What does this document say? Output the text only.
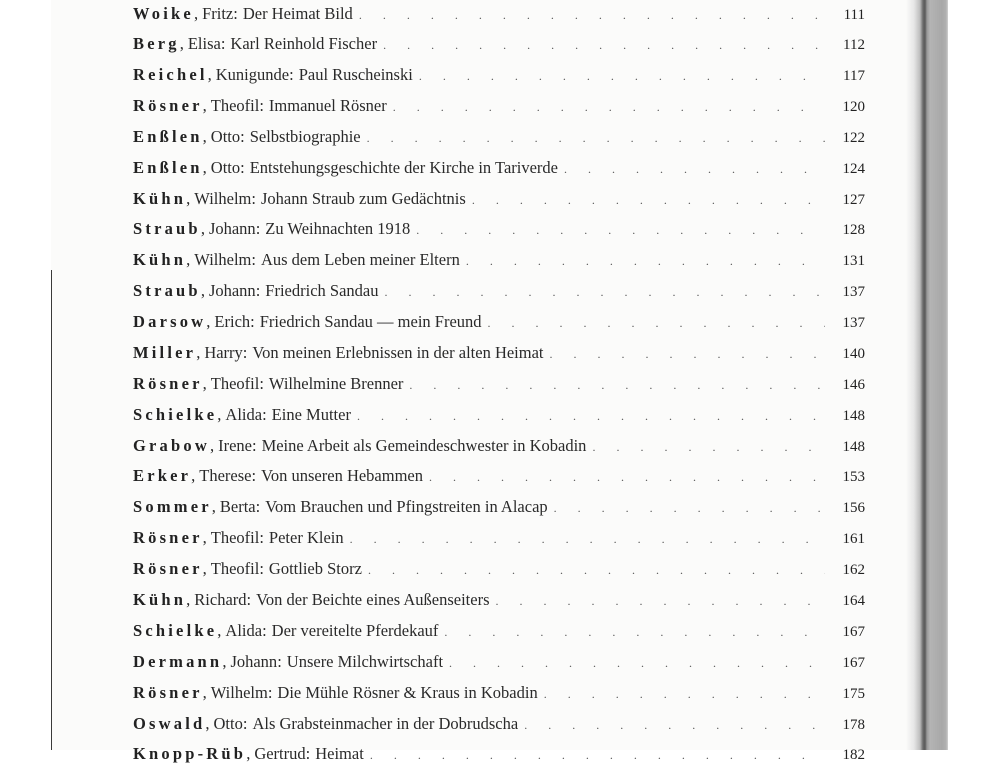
Woike , Fritz : Der Heimat Bild . . .	111
Berg , Elisa : Karl Reinhold Fischer . . .	112
Reichel , Kunigunde : Paul Ruscheinski . . .	117
Rösner , Theofil : Immanuel Rösner . . .	120
Enßlen , Otto : Selbstbiographie . . .	122
Enßlen , Otto : Entstehungsgeschichte der Kirche in Tariverde . . .	124
Kühn , Wilhelm : Johann Straub zum Gedächtnis . . .	127
Straub , Johann : Zu Weihnachten 1918 . . .	128
Kühn , Wilhelm : Aus dem Leben meiner Eltern . . .	131
Straub , Johann : Friedrich Sandau . . .	137
Darsow , Erich : Friedrich Sandau — mein Freund . . .	137
Miller , Harry : Von meinen Erlebnissen in der alten Heimat . . .	140
Rösner , Theofil : Wilhelmine Brenner . . .	146
Schielke , Alida : Eine Mutter . . .	148
Grabow , Irene : Meine Arbeit als Gemeindeschwester in Kobadin . . .	148
Erker , Therese : Von unseren Hebammen . . .	153
Sommer , Berta : Vom Brauchen und Pfingstreiten in Alacap . . .	156
Rösner , Theofil : Peter Klein . . .	161
Rösner , Theofil : Gottlieb Storz . . .	162
Kühn , Richard : Von der Beichte eines Außenseiters . . .	164
Schielke , Alida : Der vereitelte Pferdekauf . . .	167
Dermann , Johann : Unsere Milchwirtschaft . . .	167
Rösner , Wilhelm : Die Mühle Rösner & Kraus in Kobadin . . .	175
Oswald , Otto : Als Grabsteinmacher in der Dobrudscha . . .	178
Knopp-Rüb , Gertrud : Heimat . . .	182
